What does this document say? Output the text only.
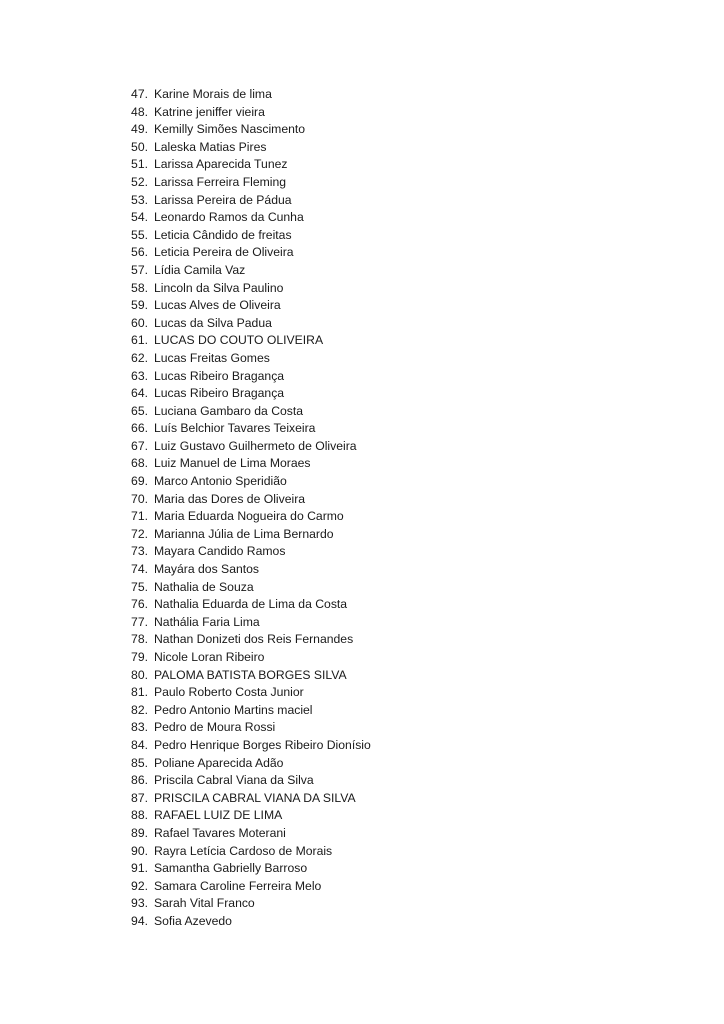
47. Karine Morais de lima
48. Katrine jeniffer vieira
49. Kemilly Simões Nascimento
50. Laleska Matias Pires
51. Larissa Aparecida Tunez
52. Larissa Ferreira Fleming
53. Larissa Pereira de Pádua
54. Leonardo Ramos da Cunha
55. Leticia Cândido de freitas
56. Leticia Pereira de Oliveira
57. Lídia Camila Vaz
58. Lincoln da Silva Paulino
59. Lucas Alves de Oliveira
60. Lucas da Silva Padua
61. LUCAS DO COUTO OLIVEIRA
62. Lucas Freitas Gomes
63. Lucas Ribeiro Bragança
64. Lucas Ribeiro Bragança
65. Luciana Gambaro da Costa
66. Luís Belchior Tavares Teixeira
67. Luiz Gustavo Guilhermeto de Oliveira
68. Luiz Manuel de Lima Moraes
69. Marco Antonio Speridião
70. Maria das Dores de Oliveira
71. Maria Eduarda Nogueira do Carmo
72. Marianna Júlia de Lima Bernardo
73. Mayara Candido Ramos
74. Mayára dos Santos
75. Nathalia de Souza
76. Nathalia Eduarda de Lima da Costa
77. Nathália Faria Lima
78. Nathan Donizeti dos Reis Fernandes
79. Nicole Loran Ribeiro
80. PALOMA BATISTA BORGES SILVA
81. Paulo Roberto Costa Junior
82. Pedro Antonio Martins maciel
83. Pedro de Moura Rossi
84. Pedro Henrique Borges Ribeiro Dionísio
85. Poliane Aparecida Adão
86. Priscila Cabral Viana da Silva
87. PRISCILA CABRAL VIANA DA SILVA
88. RAFAEL LUIZ DE LIMA
89. Rafael Tavares Moterani
90. Rayra Letícia Cardoso de Morais
91. Samantha Gabrielly Barroso
92. Samara Caroline Ferreira Melo
93. Sarah Vital Franco
94. Sofia Azevedo
